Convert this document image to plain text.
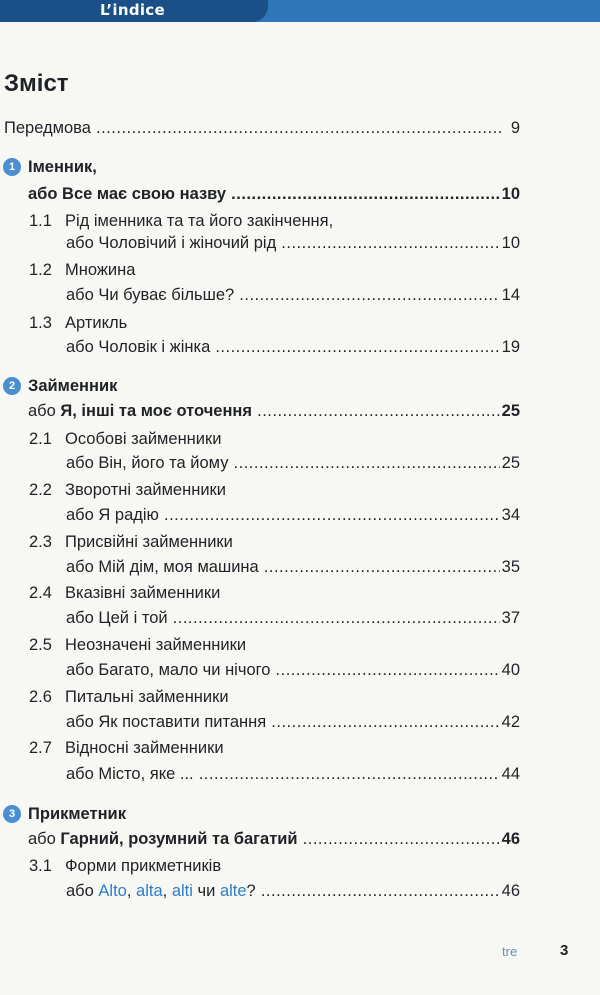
L’indice
Зміст
Передмова .....	9
1 Іменник,
або Все має свою назву .....	10
1.1 Рід іменника та та його закінчення,
або Чоловічий і жіночий рід .....	10
1.2 Множина
або Чи буває більше? .....	14
1.3 Артикль
або Чоловік і жінка .....	19
2 Займенник
або Я, інші та моє оточення .....	25
2.1 Особові займенники
або Він, його та йому .....	25
2.2 Зворотні займенники
або Я радію .....	34
2.3 Присвійні займенники
або Мій дім, моя машина .....	35
2.4 Вказівні займенники
або Цей і той .....	37
2.5 Неозначені займенники
або Багато, мало чи нічого .....	40
2.6 Питальні займенники
або Як поставити питання .....	42
2.7 Відносні займенники
або Місто, яке ... .....	44
3 Прикметник
або Гарний, розумний та багатий .....	46
3.1 Форми прикметників
або Alto, alta, alti чи alte? .....	46
tre	3
